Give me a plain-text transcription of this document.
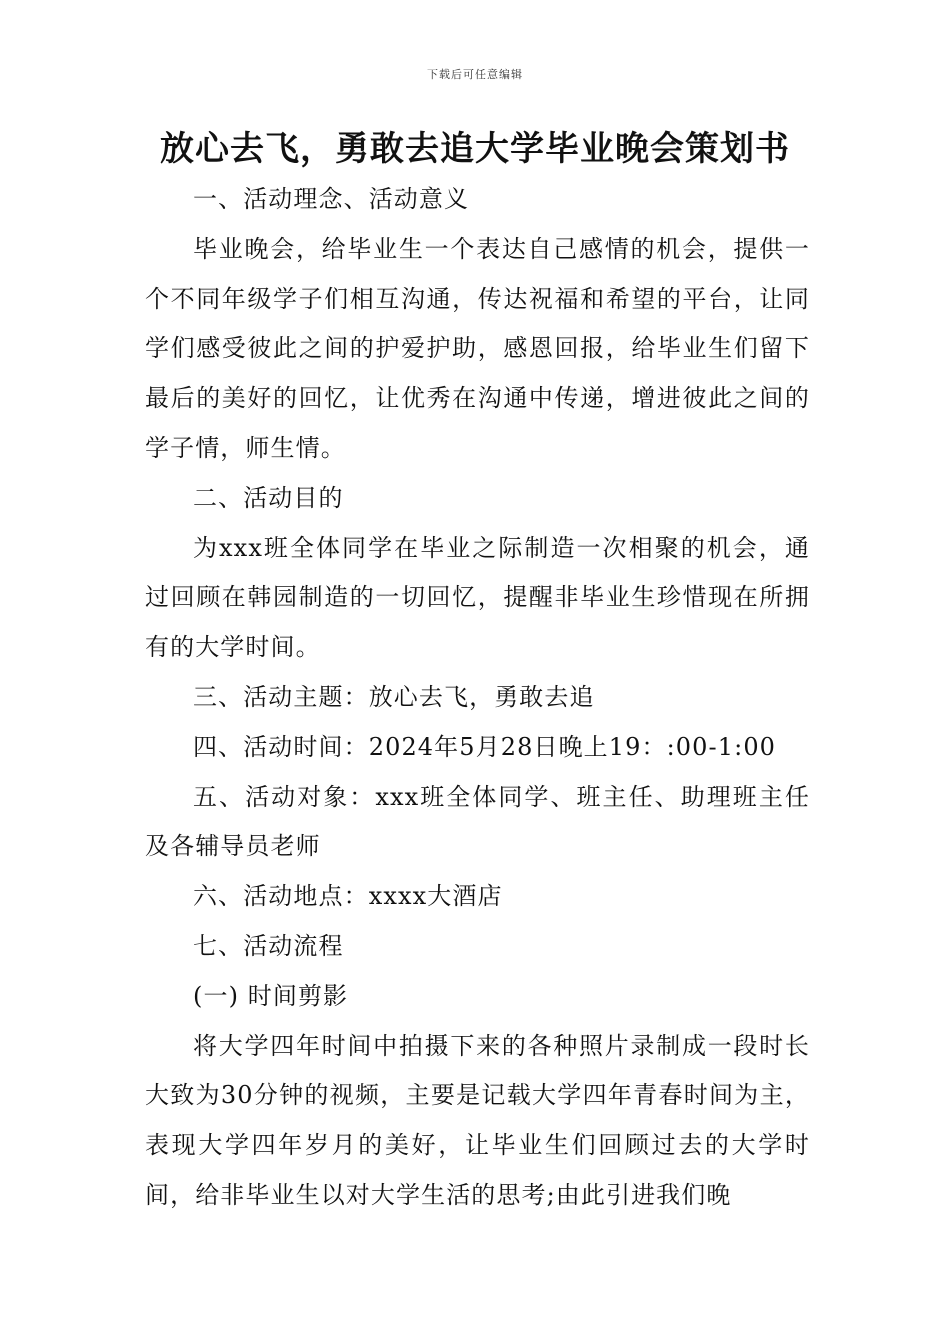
下载后可任意编辑
放心去飞，勇敢去追大学毕业晚会策划书

一、活动理念、活动意义

毕业晚会，给毕业生一个表达自己感情的机会，提供一个不同年级学子们相互沟通，传达祝福和希望的平台，让同学们感受彼此之间的护爱护助，感恩回报，给毕业生们留下最后的美好的回忆，让优秀在沟通中传递，增进彼此之间的学子情，师生情。

二、活动目的

为xxx班全体同学在毕业之际制造一次相聚的机会，通过回顾在韩园制造的一切回忆，提醒非毕业生珍惜现在所拥有的大学时间。

三、活动主题：放心去飞，勇敢去追

四、活动时间：2024年5月28日晚上19：:00-1:00

五、活动对象：xxx班全体同学、班主任、助理班主任及各辅导员老师

六、活动地点：xxxx大酒店

七、活动流程

(一) 时间剪影

将大学四年时间中拍摄下来的各种照片录制成一段时长大致为30分钟的视频，主要是记载大学四年青春时间为主，表现大学四年岁月的美好，让毕业生们回顾过去的大学时间，给非毕业生以对大学生活的思考;由此引进我们晚
